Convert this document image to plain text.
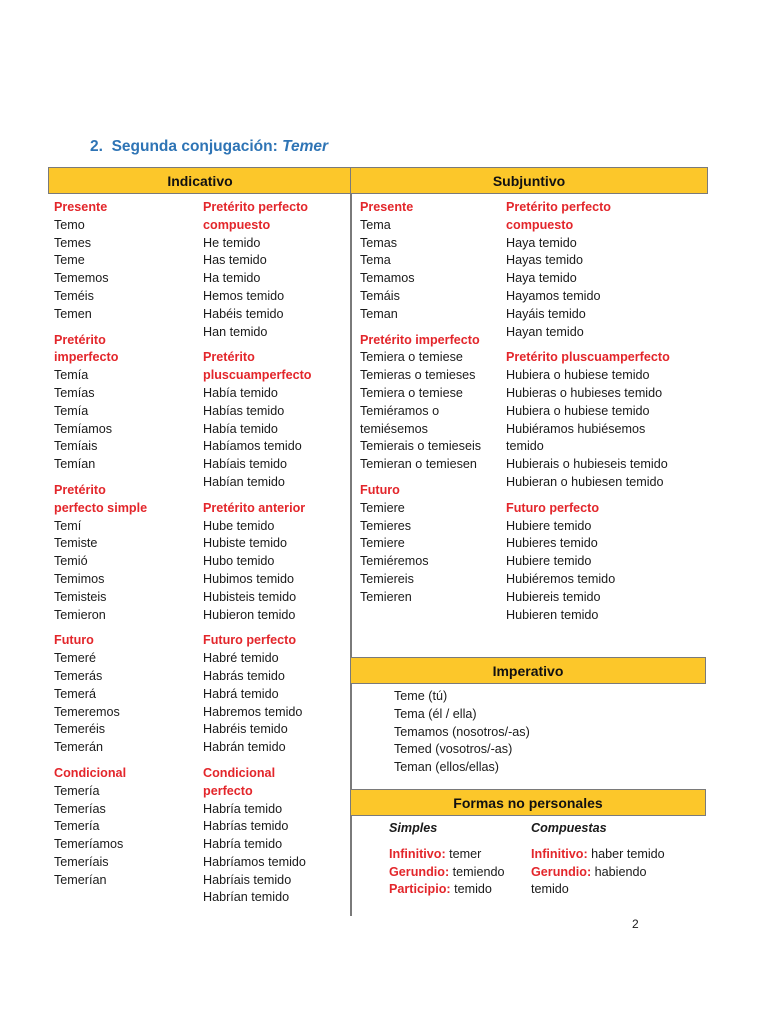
2. Segunda conjugación: Temer
Indicativo	Subjuntivo
Presente
Temo
Temes
Teme
Tememos
Teméis
Temen
Pretérito
imperfecto
Temía
Temías
Temía
Temíamos
Temíais
Temían
Pretérito
perfecto simple
Temí
Temiste
Temió
Temimos
Temisteis
Temieron
Futuro
Temeré
Temerás
Temerá
Temeremos
Temeréis
Temerán
Condicional
Temería
Temerías
Temería
Temeríamos
Temeríais
Temerían
Pretérito perfecto
compuesto
He temido
Has temido
Ha temido
Hemos temido
Habéis temido
Han temido
Pretérito
pluscuamperfecto
Había temido
Habías temido
Había temido
Habíamos temido
Habíais temido
Habían temido
Pretérito anterior
Hube temido
Hubiste temido
Hubo temido
Hubimos temido
Hubisteis temido
Hubieron temido
Futuro perfecto
Habré temido
Habrás temido
Habrá temido
Habremos temido
Habréis temido
Habrán temido
Condicional
perfecto
Habría temido
Habrías temido
Habría temido
Habríamos temido
Habríais temido
Habrían temido
Presente
Tema
Temas
Tema
Temamos
Temáis
Teman
Pretérito imperfecto
Temiera o temiese
Temieras o temieses
Temiera o temiese
Temiéramos o
temiésemos
Temierais o temieseis
Temieran o temiesen
Futuro
Temiere
Temieres
Temiere
Temiéremos
Temiereis
Temieren
Pretérito perfecto
compuesto
Haya temido
Hayas temido
Haya temido
Hayamos temido
Hayáis temido
Hayan temido
Pretérito pluscuamperfecto
Hubiera o hubiese temido
Hubieras o hubieses temido
Hubiera o hubiese temido
Hubiéramos hubiésemos
temido
Hubierais o hubieseis temido
Hubieran o hubiesen temido
Futuro perfecto
Hubiere temido
Hubieres temido
Hubiere temido
Hubiéremos temido
Hubiereis temido
Hubieren temido
Imperativo
Teme (tú)
Tema (él / ella)
Temamos (nosotros/-as)
Temed (vosotros/-as)
Teman (ellos/ellas)
Formas no personales
Simples
Infinitivo: temer
Gerundio: temiendo
Participio: temido
Compuestas
Infinitivo: haber temido
Gerundio: habiendo
temido
2
